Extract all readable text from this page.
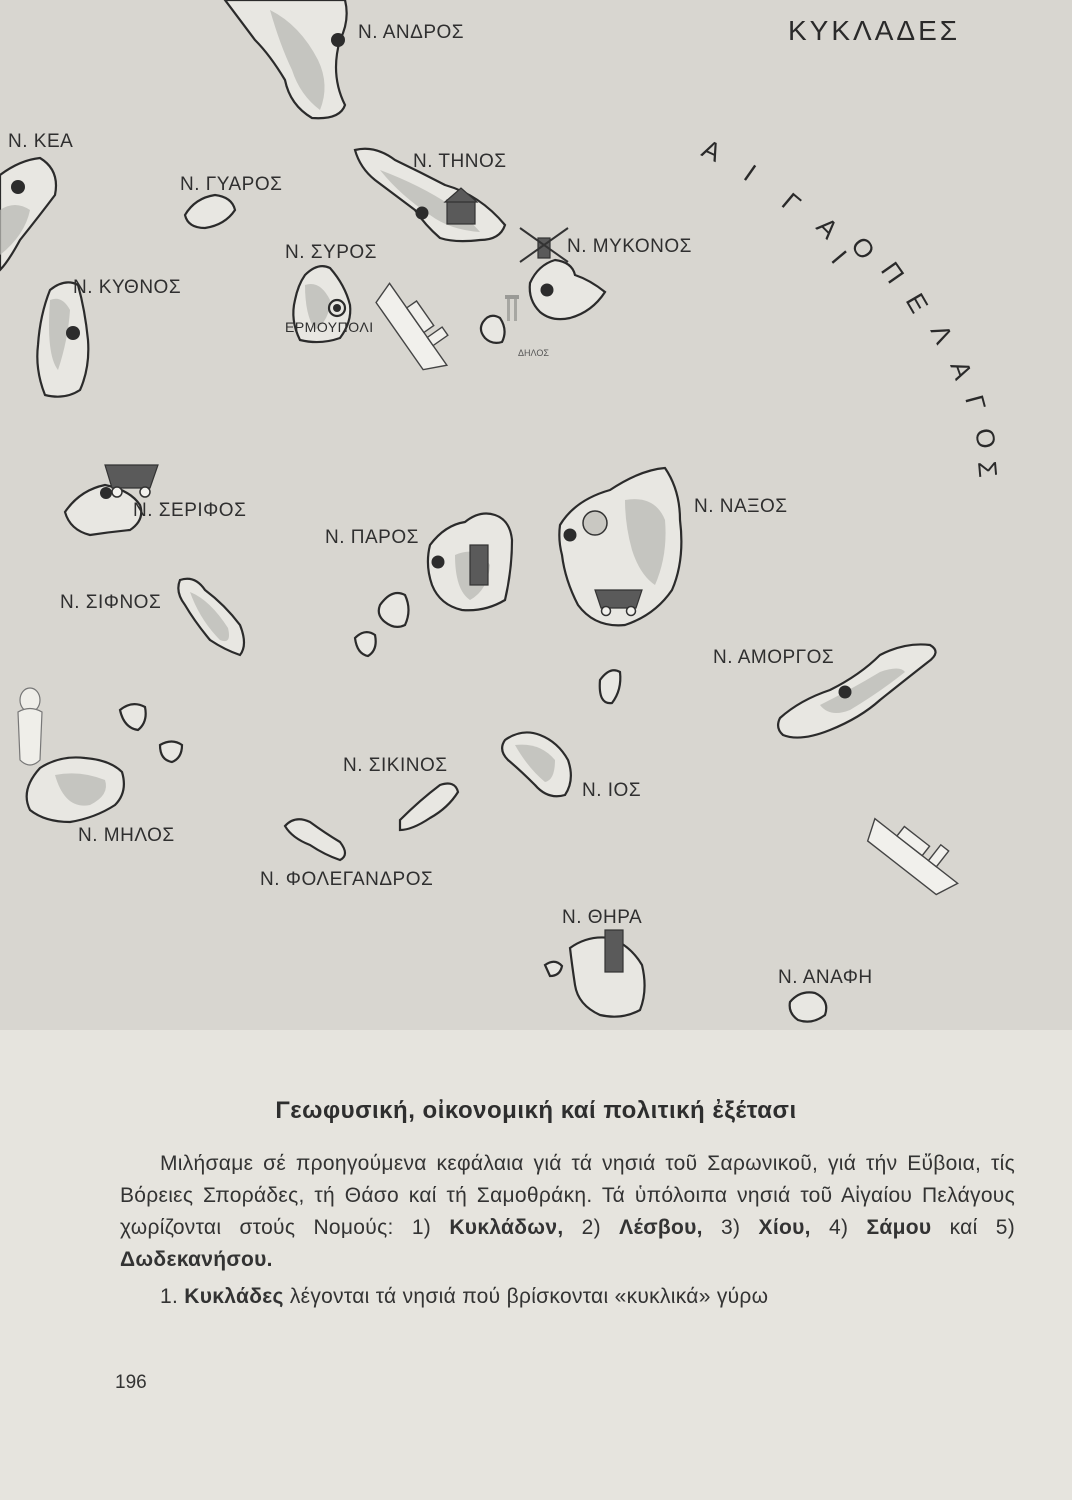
ΚΥΚΛΑΔΕΣ
Α
Ι
Γ
Α
Ι
Ο
Π
Ε
Λ
Α
Γ
Ο
Σ
Ν. ΑΝΔΡΟΣ
Ν. ΚΕΑ
Ν. ΓΥΑΡΟΣ
Ν. ΤΗΝΟΣ
Ν. ΜΥΚΟΝΟΣ
ΔΗΛΟΣ
Ν. ΣΥΡΟΣ
ΕΡΜΟΥΠΟΛΙ
Ν. ΚΥΘΝΟΣ
Ν. ΣΕΡΙΦΟΣ	Ν. ΝΑΞΟΣ
Ν. ΠΑΡΟΣ
Ν. ΣΙΦΝΟΣ
Ν. ΑΜΟΡΓΟΣ
Ν. ΙΟΣ
Ν. ΣΙΚΙΝΟΣ
Ν. ΦΟΛΕΓΑΝΔΡΟΣ
Ν. ΜΗΛΟΣ
Ν. ΘΗΡΑ
Ν. ΑΝΑΦΗ
Γεωφυσική, οἰκονομική καί πολιτική ἐξέτασι
Μιλήσαμε σέ προηγούμενα κεφάλαια γιά τά νησιά τοῦ Σαρωνικοῦ, γιά τήν Εὔβοια, τίς Βόρειες Σποράδες, τή Θάσο καί τή Σαμοθράκη. Τά ὑπόλοιπα νησιά τοῦ Αἰγαίου Πελάγους χωρίζονται στούς Νομούς: 1) Κυκλάδων, 2) Λέσβου, 3) Χίου, 4) Σάμου καί 5) Δωδεκανήσου.
1. Κυκλάδες λέγονται τά νησιά πού βρίσκονται «κυκλικά» γύρω
196
